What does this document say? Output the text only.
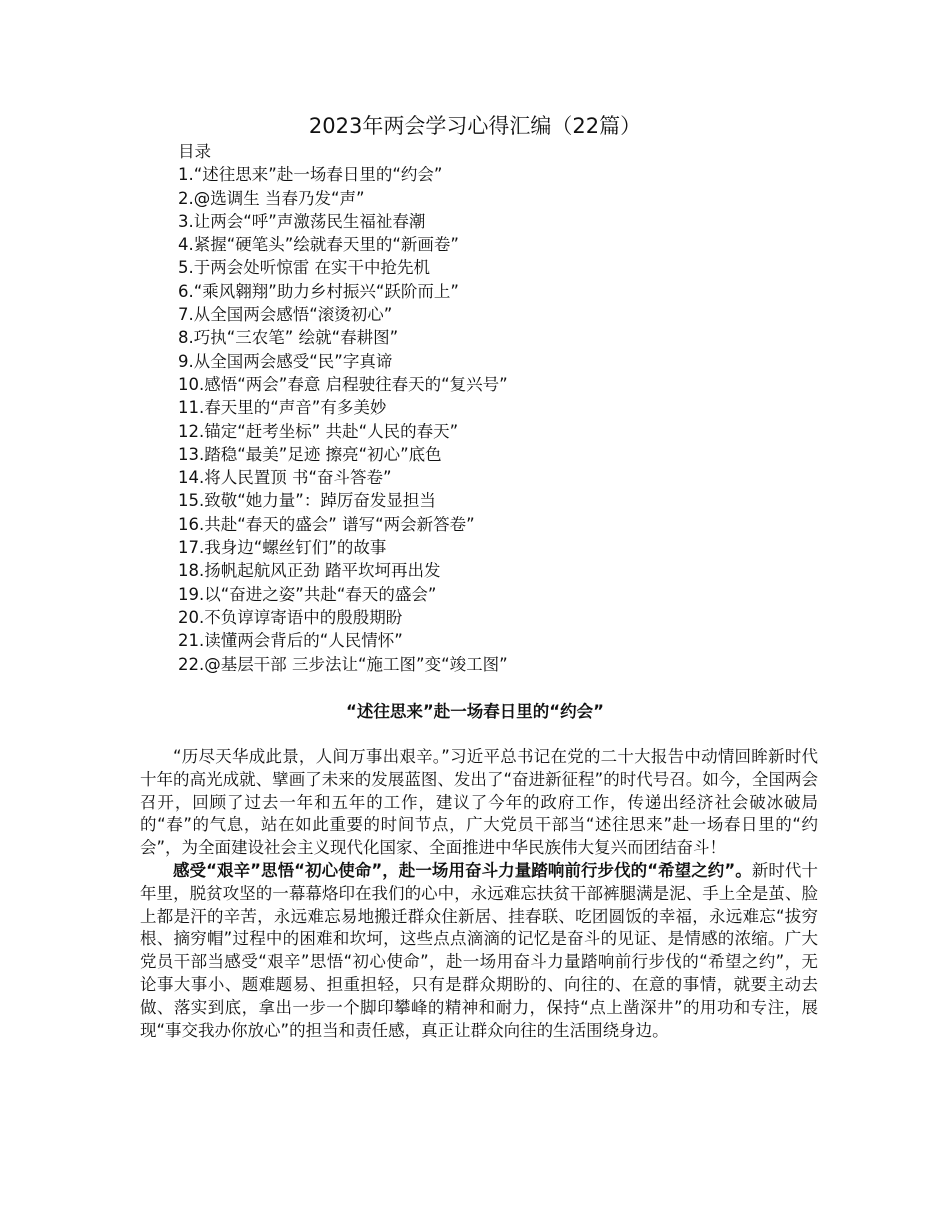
2023年两会学习心得汇编（22篇）
目录
1.“述往思来”赴一场春日里的“约会”
2.@选调生 当春乃发“声”
3.让两会“呼”声激荡民生福祉春潮
4.紧握“硬笔头”绘就春天里的“新画卷”
5.于两会处听惊雷 在实干中抢先机
6.“乘风翱翔”助力乡村振兴“跃阶而上”
7.从全国两会感悟“滚烫初心”
8.巧执“三农笔” 绘就“春耕图”
9.从全国两会感受“民”字真谛
10.感悟“两会”春意 启程驶往春天的“复兴号”
11.春天里的“声音”有多美妙
12.锚定“赶考坐标” 共赴“人民的春天”
13.踏稳“最美”足迹 擦亮“初心”底色
14.将人民置顶 书“奋斗答卷”
15.致敬“她力量”：踔厉奋发显担当
16.共赴“春天的盛会” 谱写“两会新答卷”
17.我身边“螺丝钉们”的故事
18.扬帆起航风正劲 踏平坎坷再出发
19.以“奋进之姿”共赴“春天的盛会”
20.不负谆谆寄语中的殷殷期盼
21.读懂两会背后的“人民情怀”
22.@基层干部 三步法让“施工图”变“竣工图”
“述往思来”赴一场春日里的“约会”

“历尽天华成此景，人间万事出艰辛。”习近平总书记在党的二十大报告中动情回眸新时代十年的高光成就、擘画了未来的发展蓝图、发出了“奋进新征程”的时代号召。如今，全国两会召开，回顾了过去一年和五年的工作，建议了今年的政府工作，传递出经济社会破冰破局的“春”的气息，站在如此重要的时间节点，广大党员干部当“述往思来”赴一场春日里的“约会”，为全面建设社会主义现代化国家、全面推进中华民族伟大复兴而团结奋斗！

感受“艰辛”思悟“初心使命”，赴一场用奋斗力量踏响前行步伐的“希望之约”。新时代十年里，脱贫攻坚的一幕幕烙印在我们的心中，永远难忘扶贫干部裤腿满是泥、手上全是茧、脸上都是汗的辛苦，永远难忘易地搬迁群众住新居、挂春联、吃团圆饭的幸福，永远难忘“拔穷根、摘穷帽”过程中的困难和坎坷，这些点点滴滴的记忆是奋斗的见证、是情感的浓缩。广大党员干部当感受“艰辛”思悟“初心使命”，赴一场用奋斗力量踏响前行步伐的“希望之约”，无论事大事小、题难题易、担重担轻，只有是群众期盼的、向往的、在意的事情，就要主动去做、落实到底，拿出一步一个脚印攀峰的精神和耐力，保持“点上凿深井”的用功和专注，展现“事交我办你放心”的担当和责任感，真正让群众向往的生活围绕身边。
